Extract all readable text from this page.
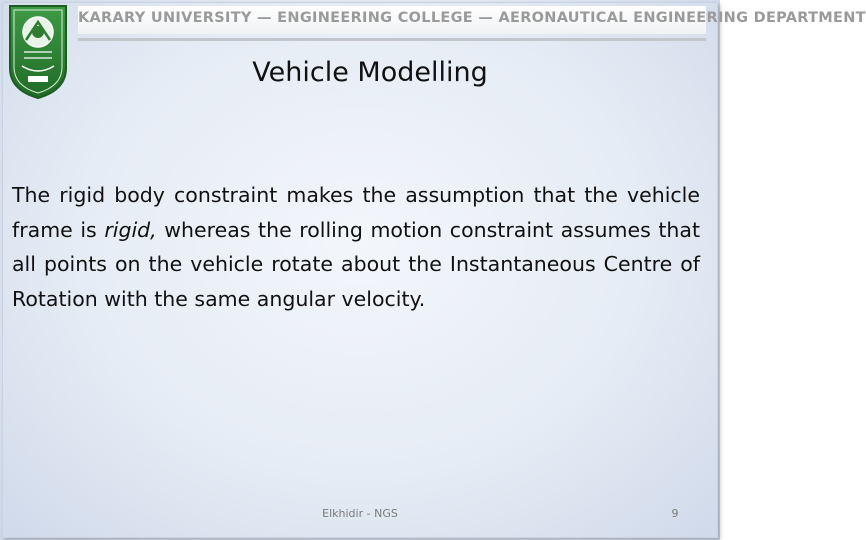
KARARY UNIVERSITY — ENGINEERING COLLEGE — AERONAUTICAL ENGINEERING DEPARTMENT
Vehicle Modelling
The rigid body constraint makes the assumption that the vehicle frame is rigid, whereas the rolling motion constraint assumes that all points on the vehicle rotate about the Instantaneous Centre of Rotation with the same angular velocity.
Elkhidir - NGS	9
